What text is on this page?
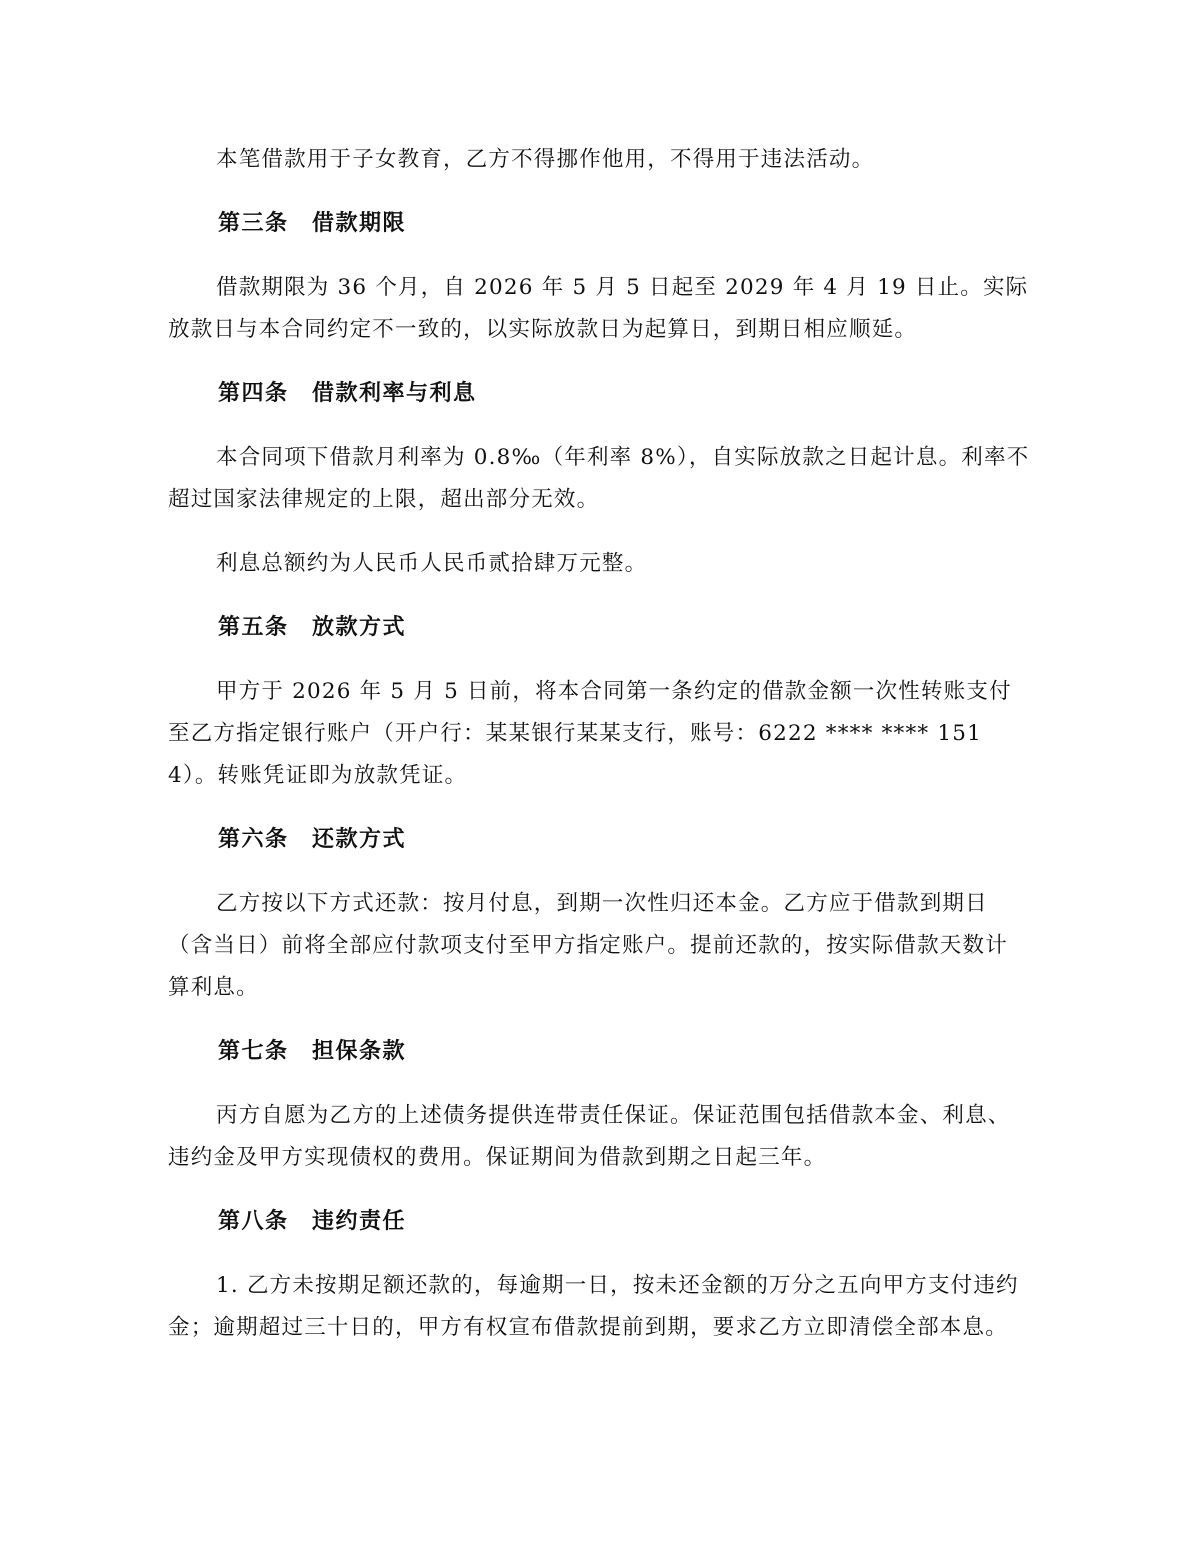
本笔借款用于子女教育，乙方不得挪作他用，不得用于违法活动。

第三条　借款期限

借款期限为 36 个月，自 2026 年 5 月 5 日起至 2029 年 4 月 19 日止。实际放款日与本合同约定不一致的，以实际放款日为起算日，到期日相应顺延。

第四条　借款利率与利息

本合同项下借款月利率为 0.8‰（年利率 8%），自实际放款之日起计息。利率不超过国家法律规定的上限，超出部分无效。

利息总额约为人民币人民币贰拾肆万元整。

第五条　放款方式

甲方于 2026 年 5 月 5 日前，将本合同第一条约定的借款金额一次性转账支付至乙方指定银行账户（开户行：某某银行某某支行，账号：6222 **** **** 1514）。转账凭证即为放款凭证。

第六条　还款方式

乙方按以下方式还款：按月付息，到期一次性归还本金。乙方应于借款到期日（含当日）前将全部应付款项支付至甲方指定账户。提前还款的，按实际借款天数计算利息。

第七条　担保条款

丙方自愿为乙方的上述债务提供连带责任保证。保证范围包括借款本金、利息、违约金及甲方实现债权的费用。保证期间为借款到期之日起三年。

第八条　违约责任

1. 乙方未按期足额还款的，每逾期一日，按未还金额的万分之五向甲方支付违约金；逾期超过三十日的，甲方有权宣布借款提前到期，要求乙方立即清偿全部本息。
